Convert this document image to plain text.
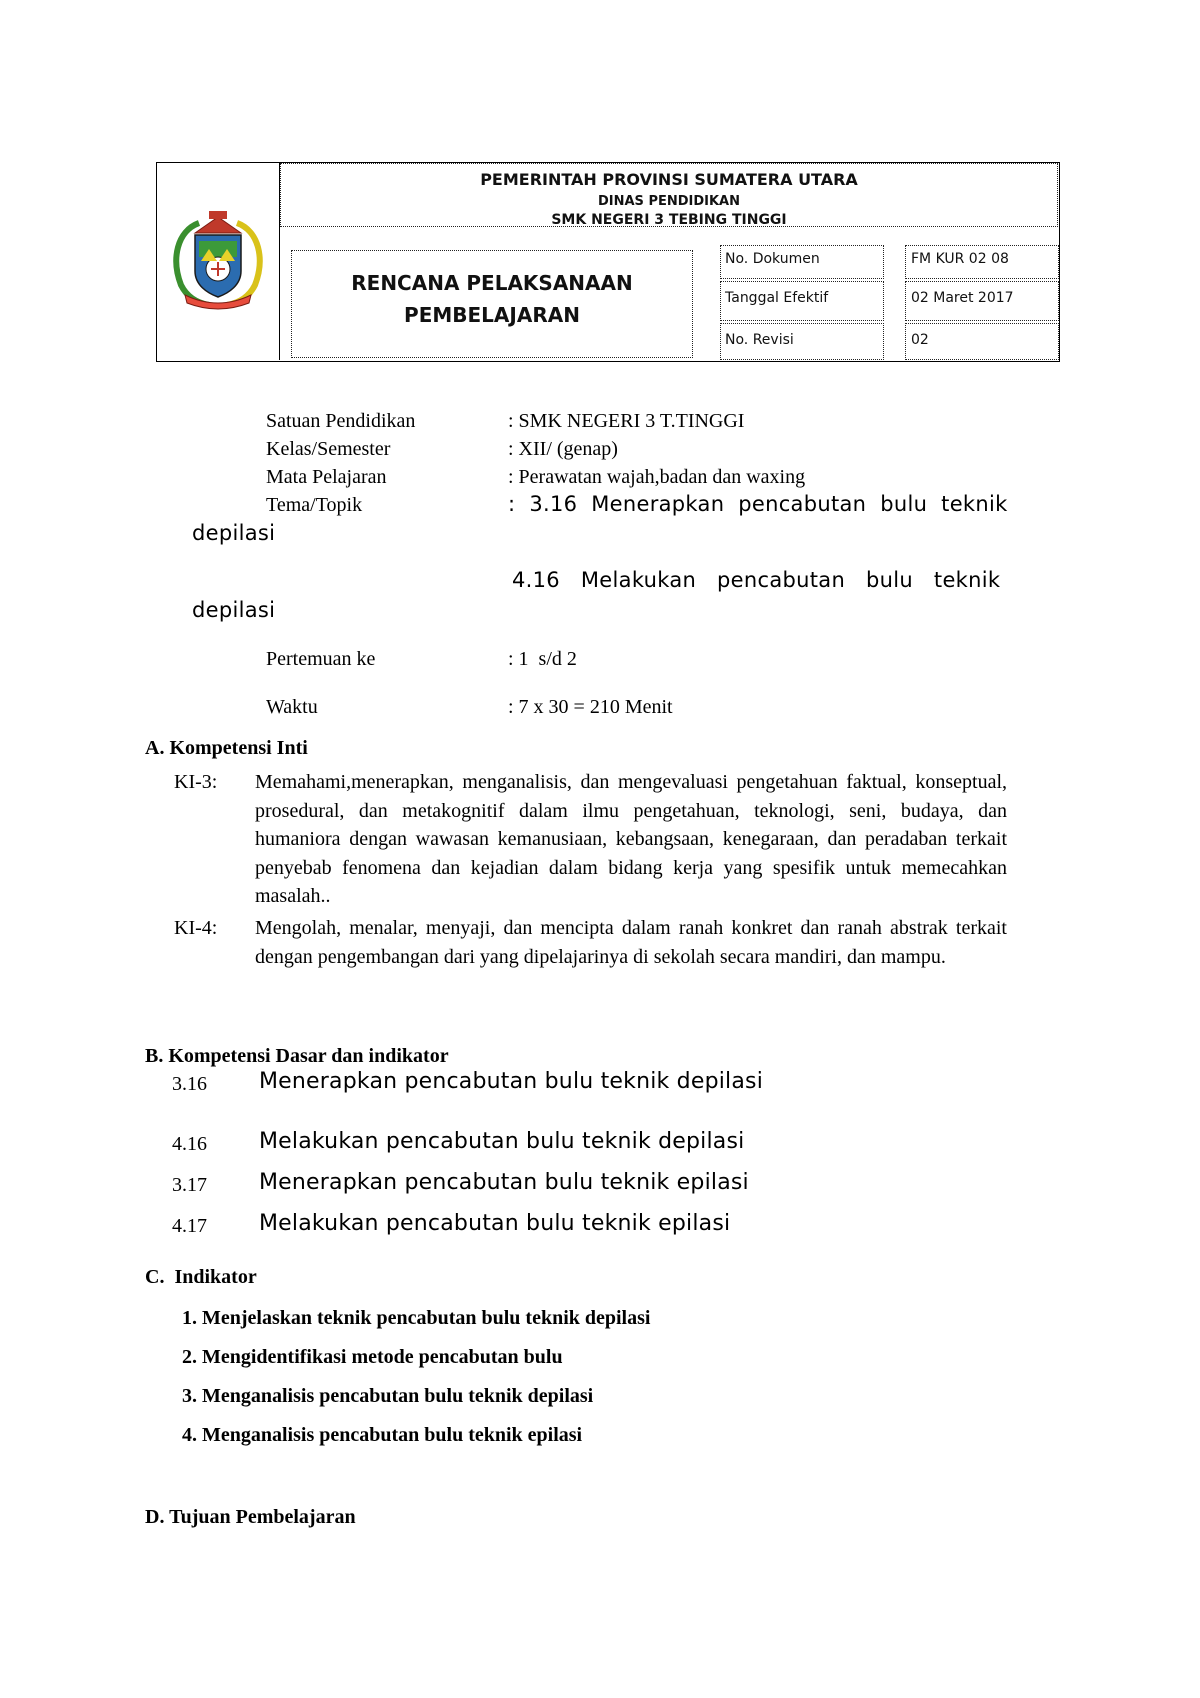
PEMERINTAH PROVINSI SUMATERA UTARA
DINAS PENDIDIKAN
SMK NEGERI 3 TEBING TINGGI
RENCANA PELAKSANAAN
PEMBELAJARAN
No. Dokumen	FM KUR 02 08
Tanggal Efektif	02 Maret 2017
No. Revisi	02
Satuan Pendidikan	: SMK NEGERI 3 T.TINGGI
Kelas/Semester	: XII/ (genap)
Mata Pelajaran	: Perawatan wajah,badan dan waxing
Tema/Topik	:  3.16  Menerapkan  pencabutan  bulu  teknik
depilasi
4.16   Melakukan   pencabutan   bulu   teknik
depilasi
Pertemuan ke	: 1  s/d 2
Waktu	: 7 x 30 = 210 Menit
A. Kompetensi Inti
KI-3: Memahami,menerapkan, menganalisis, dan mengevaluasi pengetahuan faktual, konseptual, prosedural, dan metakognitif dalam ilmu pengetahuan, teknologi, seni, budaya, dan humaniora dengan wawasan kemanusiaan, kebangsaan, kenegaraan, dan peradaban terkait penyebab fenomena dan kejadian dalam bidang kerja yang spesifik untuk memecahkan masalah..
KI-4: Mengolah, menalar, menyaji, dan mencipta dalam ranah konkret dan ranah abstrak terkait dengan pengembangan dari yang dipelajarinya di sekolah secara mandiri, dan mampu.
B. Kompetensi Dasar dan indikator
3.16 Menerapkan pencabutan bulu teknik depilasi
4.16 Melakukan pencabutan bulu teknik depilasi
3.17 Menerapkan pencabutan bulu teknik epilasi
4.17 Melakukan pencabutan bulu teknik epilasi
C.  Indikator
1. Menjelaskan teknik pencabutan bulu teknik depilasi
2. Mengidentifikasi metode pencabutan bulu
3. Menganalisis pencabutan bulu teknik depilasi
4. Menganalisis pencabutan bulu teknik epilasi
D. Tujuan Pembelajaran
